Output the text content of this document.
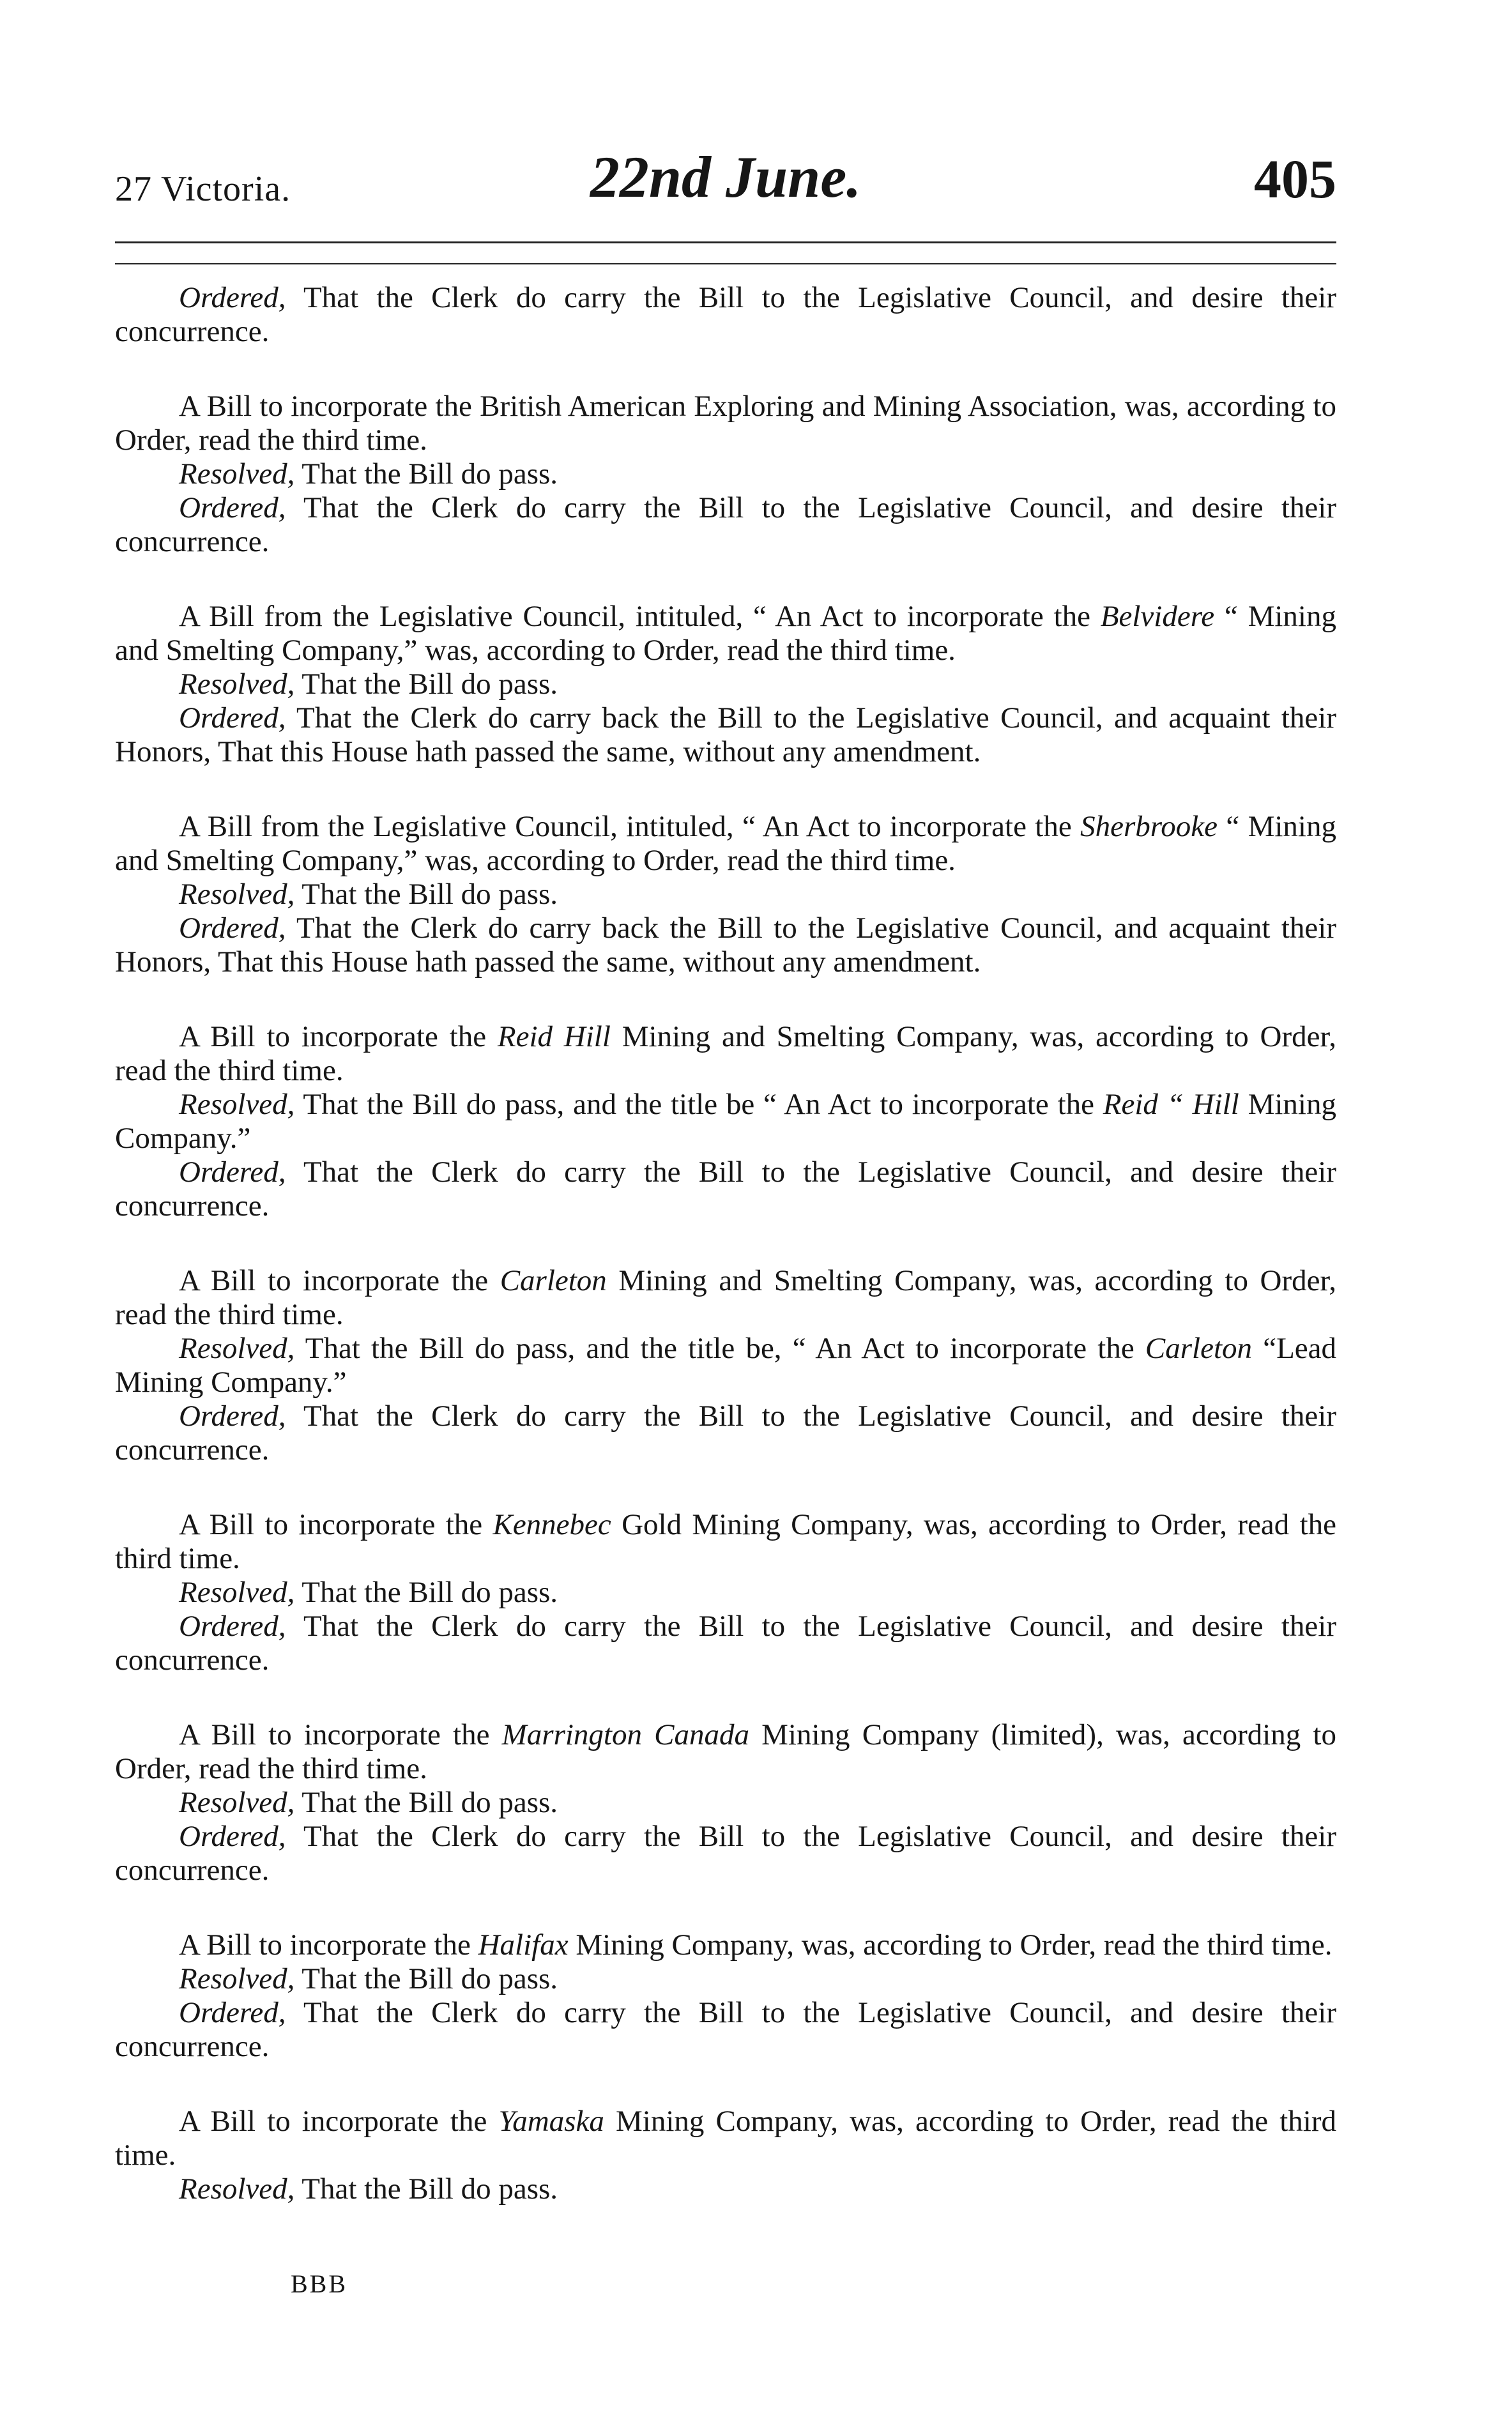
27 Victoria.	22nd June.	405

Ordered, That the Clerk do carry the Bill to the Legislative Council, and desire their concurrence.

A Bill to incorporate the British American Exploring and Mining Association, was, according to Order, read the third time.

Resolved, That the Bill do pass.

Ordered, That the Clerk do carry the Bill to the Legislative Council, and desire their concurrence.

A Bill from the Legislative Council, intituled, “ An Act to incorporate the Belvidere “ Mining and Smelting Company,” was, according to Order, read the third time.

Resolved, That the Bill do pass.

Ordered, That the Clerk do carry back the Bill to the Legislative Council, and acquaint their Honors, That this House hath passed the same, without any amendment.

A Bill from the Legislative Council, intituled, “ An Act to incorporate the Sherbrooke “ Mining and Smelting Company,” was, according to Order, read the third time.

Resolved, That the Bill do pass.

Ordered, That the Clerk do carry back the Bill to the Legislative Council, and acquaint their Honors, That this House hath passed the same, without any amendment.

A Bill to incorporate the Reid Hill Mining and Smelting Company, was, according to Order, read the third time.

Resolved, That the Bill do pass, and the title be “ An Act to incorporate the Reid “ Hill Mining Company.”

Ordered, That the Clerk do carry the Bill to the Legislative Council, and desire their concurrence.

A Bill to incorporate the Carleton Mining and Smelting Company, was, according to Order, read the third time.

Resolved, That the Bill do pass, and the title be, “ An Act to incorporate the Carleton “Lead Mining Company.”

Ordered, That the Clerk do carry the Bill to the Legislative Council, and desire their concurrence.

A Bill to incorporate the Kennebec Gold Mining Company, was, according to Order, read the third time.

Resolved, That the Bill do pass.

Ordered, That the Clerk do carry the Bill to the Legislative Council, and desire their concurrence.

A Bill to incorporate the Marrington Canada Mining Company (limited), was, according to Order, read the third time.

Resolved, That the Bill do pass.

Ordered, That the Clerk do carry the Bill to the Legislative Council, and desire their concurrence.

A Bill to incorporate the Halifax Mining Company, was, according to Order, read the third time.

Resolved, That the Bill do pass.

Ordered, That the Clerk do carry the Bill to the Legislative Council, and desire their concurrence.

A Bill to incorporate the Yamaska Mining Company, was, according to Order, read the third time.

Resolved, That the Bill do pass.

BBB
